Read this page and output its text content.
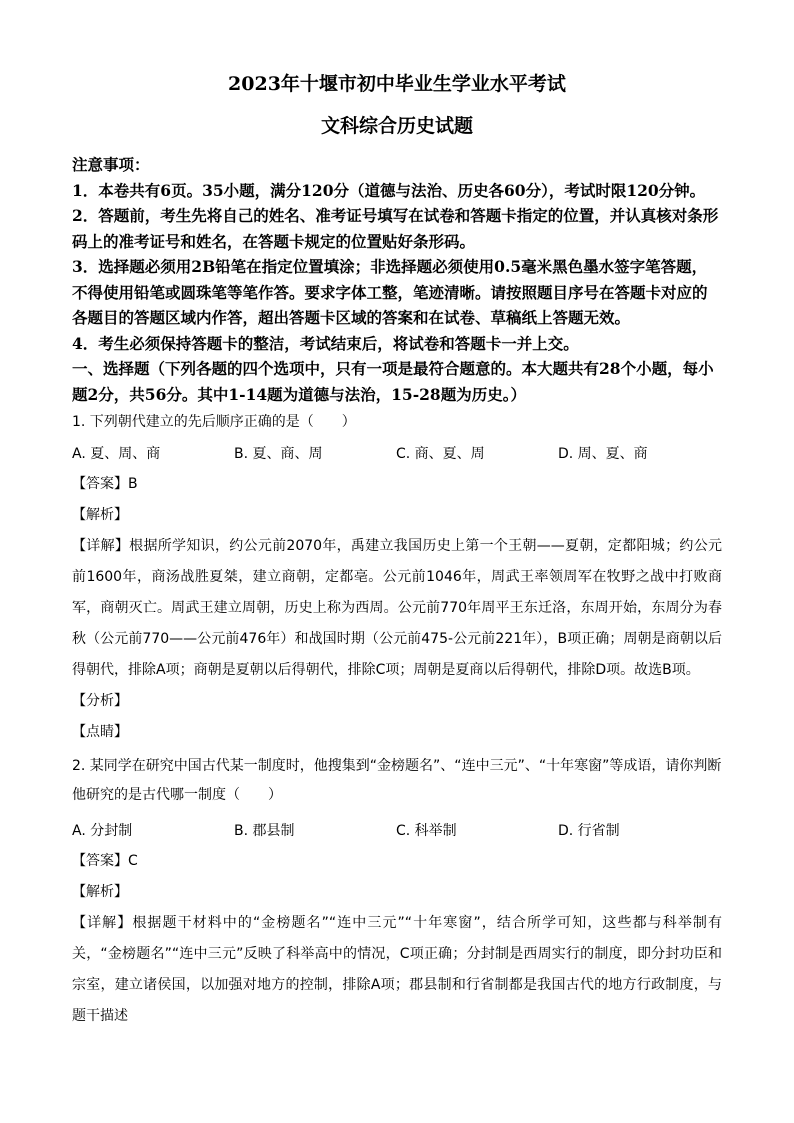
2023年十堰市初中毕业生学业水平考试

文科综合历史试题

注意事项：

1．本卷共有6页。35小题，满分120分（道德与法治、历史各60分），考试时限120分钟。

2．答题前，考生先将自己的姓名、准考证号填写在试卷和答题卡指定的位置，并认真核对条形码上的准考证号和姓名，在答题卡规定的位置贴好条形码。

3．选择题必须用2B铅笔在指定位置填涂；非选择题必须使用0.5毫米黑色墨水签字笔答题，不得使用铅笔或圆珠笔等笔作答。要求字体工整，笔迹清晰。请按照题目序号在答题卡对应的各题目的答题区域内作答，超出答题卡区域的答案和在试卷、草稿纸上答题无效。

4．考生必须保持答题卡的整洁，考试结束后，将试卷和答题卡一并上交。

一、选择题（下列各题的四个选项中，只有一项是最符合题意的。本大题共有28个小题，每小题2分，共56分。其中1-14题为道德与法治，15-28题为历史。）

1. 下列朝代建立的先后顺序正确的是（　　）

A. 夏、周、商	B. 夏、商、周	C. 商、夏、周	D. 周、夏、商
【答案】B
【解析】

【详解】根据所学知识，约公元前2070年，禹建立我国历史上第一个王朝——夏朝，定都阳城；约公元前1600年，商汤战胜夏桀，建立商朝，定都亳。公元前1046年，周武王率领周军在牧野之战中打败商军，商朝灭亡。周武王建立周朝，历史上称为西周。公元前770年周平王东迁洛，东周开始，东周分为春秋（公元前770——公元前476年）和战国时期（公元前475-公元前221年），B项正确；周朝是商朝以后得朝代，排除A项；商朝是夏朝以后得朝代，排除C项；周朝是夏商以后得朝代，排除D项。故选B项。

【分析】
【点睛】

2. 某同学在研究中国古代某一制度时，他搜集到“金榜题名”、“连中三元”、“十年寒窗”等成语，请你判断他研究的是古代哪一制度（　　）

A. 分封制	B. 郡县制	C. 科举制	D. 行省制
【答案】C
【解析】

【详解】根据题干材料中的“金榜题名”“连中三元”“十年寒窗”，结合所学可知，这些都与科举制有关，“金榜题名”“连中三元”反映了科举高中的情况，C项正确；分封制是西周实行的制度，即分封功臣和宗室，建立诸侯国，以加强对地方的控制，排除A项；郡县制和行省制都是我国古代的地方行政制度，与题干描述
